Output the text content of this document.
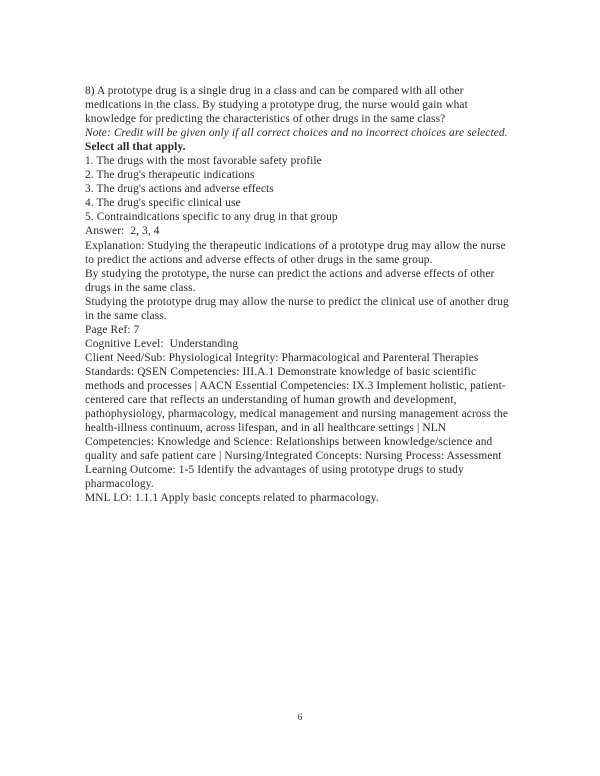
8) A prototype drug is a single drug in a class and can be compared with all other medications in the class. By studying a prototype drug, the nurse would gain what knowledge for predicting the characteristics of other drugs in the same class?

Note: Credit will be given only if all correct choices and no incorrect choices are selected.

Select all that apply.

1. The drugs with the most favorable safety profile
2. The drug's therapeutic indications
3. The drug's actions and adverse effects
4. The drug's specific clinical use
5. Contraindications specific to any drug in that group
Answer:  2, 3, 4

Explanation: Studying the therapeutic indications of a prototype drug may allow the nurse to predict the actions and adverse effects of other drugs in the same group.

By studying the prototype, the nurse can predict the actions and adverse effects of other drugs in the same class.

Studying the prototype drug may allow the nurse to predict the clinical use of another drug in the same class.

Page Ref: 7
Cognitive Level:  Understanding

Client Need/Sub: Physiological Integrity: Pharmacological and Parenteral Therapies

Standards: QSEN Competencies: III.A.1 Demonstrate knowledge of basic scientific methods and processes | AACN Essential Competencies: IX.3 Implement holistic, patient-centered care that reflects an understanding of human growth and development, pathophysiology, pharmacology, medical management and nursing management across the health-illness continuum, across lifespan, and in all healthcare settings | NLN Competencies: Knowledge and Science: Relationships between knowledge/science and quality and safe patient care | Nursing/Integrated Concepts: Nursing Process: Assessment

Learning Outcome: 1-5 Identify the advantages of using prototype drugs to study pharmacology.

MNL LO: 1.1.1 Apply basic concepts related to pharmacology.

6
